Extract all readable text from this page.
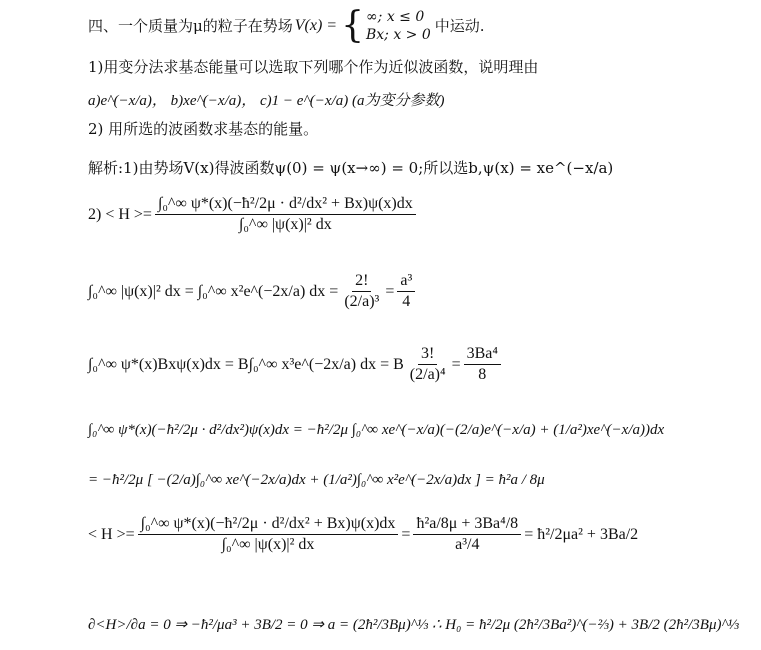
四、一个质量为μ的粒子在势场 V(x) = { ∞; x ≤ 0
Bx; x > 0 中运动.
1)用变分法求基态能量可以选取下列哪个作为近似波函数，说明理由
a)e^(−x/a)， b)xe^(−x/a)， c)1 − e^(−x/a) (a为变分参数)
2) 用所选的波函数求基态的能量。
解析:1)由势场V(x)得波函数ψ(0) = ψ(x→∞) = 0;所以选b,ψ(x) = xe^(−x/a)
$2) < H >= \frac{\text{∫₀\textasciicircum{}∞ ψ*(x)(−ħ²/2μ · d²/dx² + Bx)ψ(x)dx}}{\text{∫₀\textasciicircum{}∞ |ψ(x)|² dx}}$
∫₀^∞ |ψ(x)|² dx = ∫₀^∞ x²e^(−2x/a) dx = $\frac{2!}{\text{(2/a)³}} = \frac{\text{a³}}{4}$
∫₀^∞ ψ*(x)Bxψ(x)dx = B∫₀^∞ x³e^(−2x/a) dx = B $\frac{3!}{\text{(2/a)⁴}} = \frac{\text{3Ba⁴}}{8}$
∫₀^∞ ψ*(x)(−ħ²/2μ · d²/dx²)ψ(x)dx = −ħ²/2μ ∫₀^∞ xe^(−x/a)(−(2/a)e^(−x/a) + (1/a²)xe^(−x/a))dx
= −ħ²/2μ [ −(2/a)∫₀^∞ xe^(−2x/a)dx + (1/a²)∫₀^∞ x²e^(−2x/a)dx ] = ħ²a / 8μ
< $H >= \frac{\text{∫₀\textasciicircum{}∞ ψ*(x)(−ħ²/2μ · d²/dx² + Bx)ψ(x)dx}}{\text{∫₀\textasciicircum{}∞ |ψ(x)|² dx}} = \frac{\text{ħ²a/8μ + 3Ba⁴/8}}{\text{a³/4}}$ = ħ²/2μa² + 3Ba/2
∂<H>/∂a = 0 ⇒ −ħ²/μa³ + 3B/2 = 0 ⇒ a = (2ħ²/3Bμ)^⅓ ∴ H₀ = ħ²/2μ (2ħ²/3Ba²)^(−⅔) + 3B/2 (2ħ²/3Bμ)^⅓
